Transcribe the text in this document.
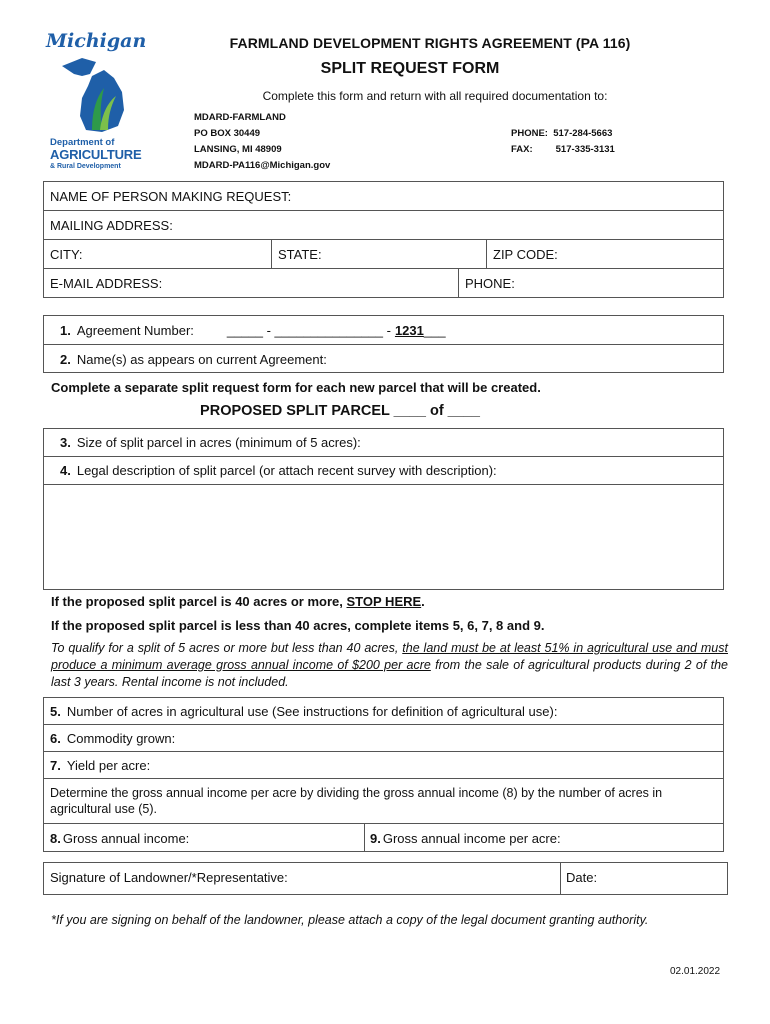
Michigan
Department of
AGRICULTURE
& Rural Development
FARMLAND DEVELOPMENT RIGHTS AGREEMENT (PA 116)
SPLIT REQUEST FORM
Complete this form and return with all required documentation to:
MDARD-FARMLAND
PO BOX 30449
LANSING, MI 48909
MDARD-PA116@Michigan.gov
PHONE: 517-284-5663
FAX: 517-335-3131
NAME OF PERSON MAKING REQUEST:
MAILING ADDRESS:
CITY:	STATE:	ZIP CODE:
E-MAIL ADDRESS:	PHONE:
1. Agreement Number:	_____ - _______________ - 1231 ___
2. Name(s) as appears on current Agreement:
Complete a separate split request form for each new parcel that will be created.
PROPOSED SPLIT PARCEL ____ of ____
3. Size of split parcel in acres (minimum of 5 acres):
4. Legal description of split parcel (or attach recent survey with description):
If the proposed split parcel is 40 acres or more, STOP HERE.
If the proposed split parcel is less than 40 acres, complete items 5, 6, 7, 8 and 9.
To qualify for a split of 5 acres or more but less than 40 acres, the land must be at least 51% in agricultural use and must produce a minimum average gross annual income of $200 per acre from the sale of agricultural products during 2 of the last 3 years. Rental income is not included.
5. Number of acres in agricultural use (See instructions for definition of agricultural use):
6. Commodity grown:
7. Yield per acre:
Determine the gross annual income per acre by dividing the gross annual income (8) by the number of acres in agricultural use (5).
8. Gross annual income:	9. Gross annual income per acre:
Signature of Landowner/*Representative:	Date:
*If you are signing on behalf of the landowner, please attach a copy of the legal document granting authority.
02.01.2022
